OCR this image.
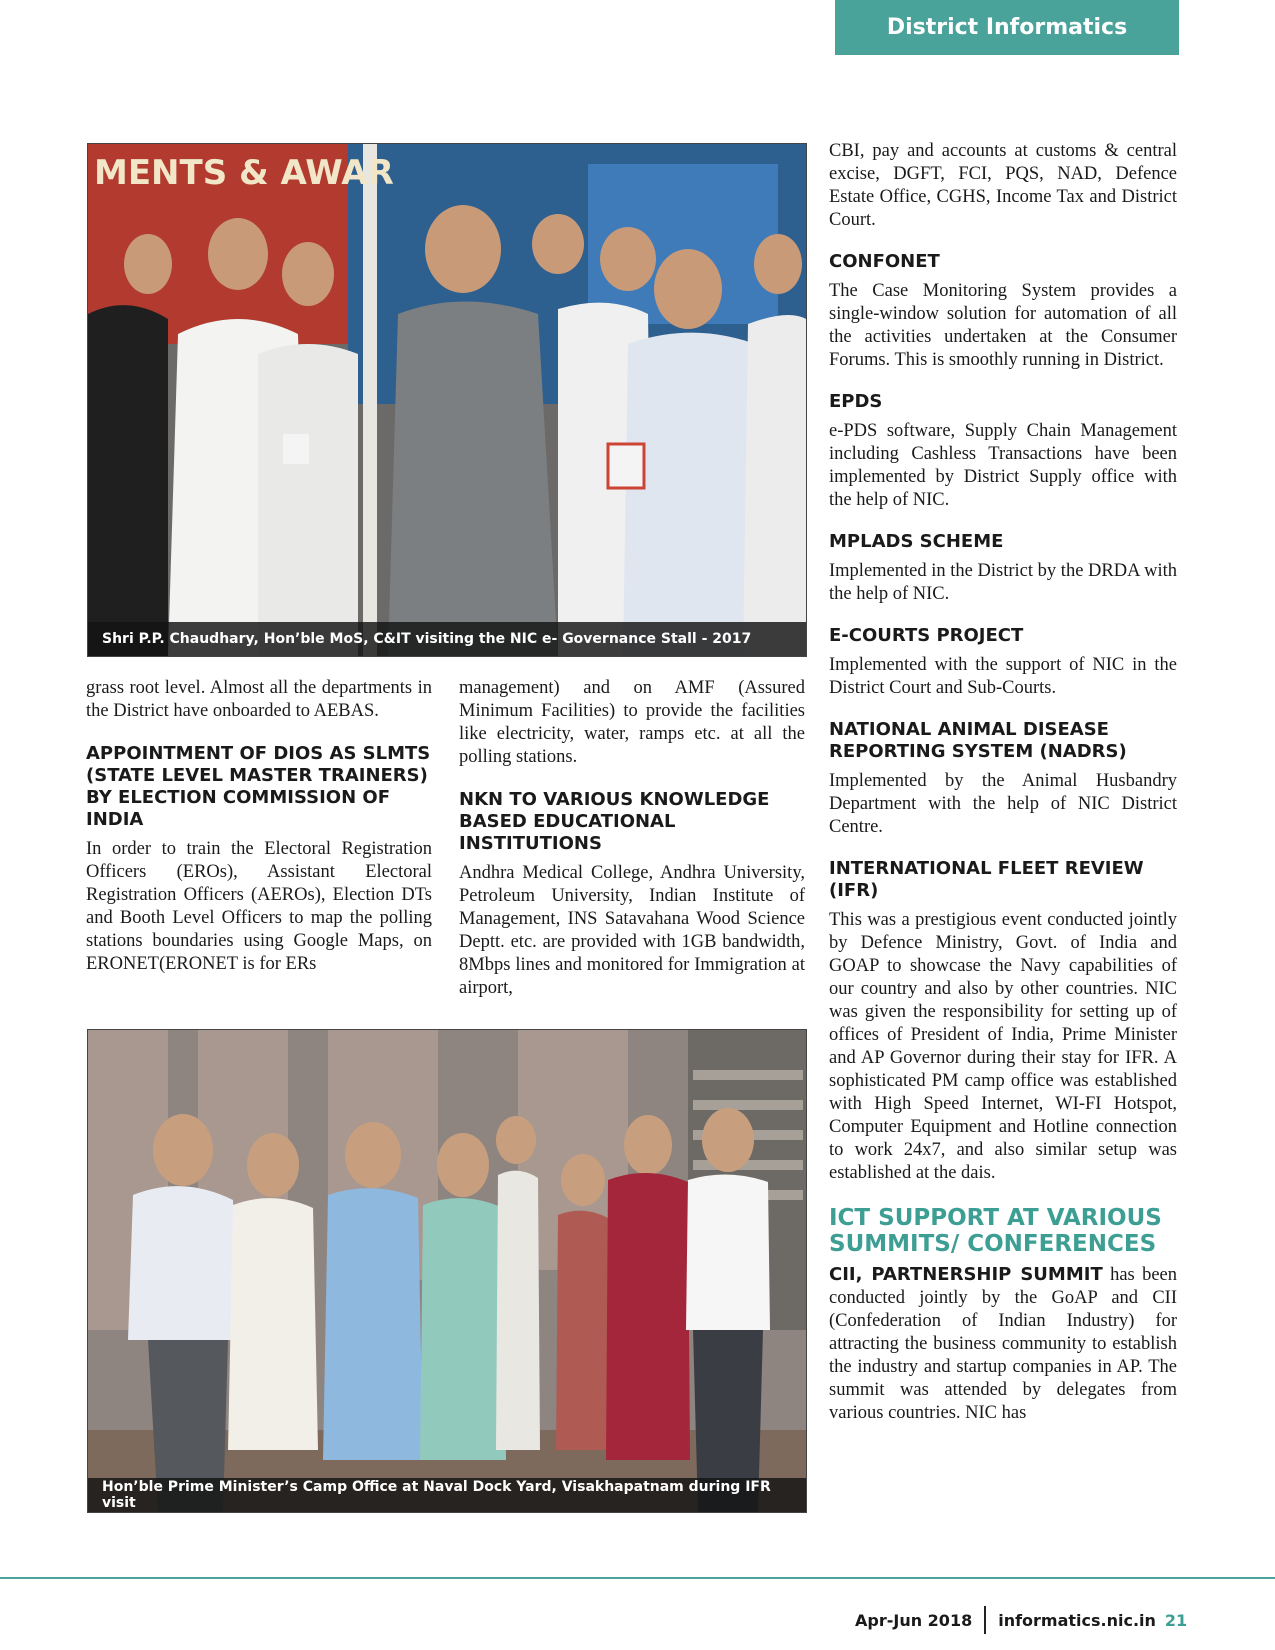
District Informatics
MENTS & AWAR
Shri P.P. Chaudhary, Hon’ble MoS, C&IT visiting the NIC e- Governance Stall - 2017

grass root level. Almost all the departments in the District have onboarded to AEBAS.

APPOINTMENT OF DIOS AS SLMTS (STATE LEVEL MASTER TRAINERS) BY ELECTION COMMISSION OF INDIA

In order to train the Electoral Registration Officers (EROs), Assistant Electoral Registration Officers (AEROs), Election DTs and Booth Level Officers to map the polling stations boundaries using Google Maps, on ERONET(ERONET is for ERs

management) and on AMF (Assured Minimum Facilities) to provide the facilities like electricity, water, ramps etc. at all the polling stations.

NKN TO VARIOUS KNOWLEDGE BASED EDUCATIONAL INSTITUTIONS

Andhra Medical College, Andhra University, Petroleum University, Indian Institute of Management, INS Satavahana Wood Science Deptt. etc. are provided with 1GB bandwidth, 8Mbps lines and monitored for Immigration at airport,

Hon’ble Prime Minister’s Camp Office at Naval Dock Yard, Visakhapatnam during IFR visit

CBI, pay and accounts at customs & central excise, DGFT, FCI, PQS, NAD, Defence Estate Office, CGHS, Income Tax and District Court.

CONFONET

The Case Monitoring System provides a single-window solution for automation of all the activities undertaken at the Consumer Forums. This is smoothly running in District.

EPDS

e-PDS software, Supply Chain Management including Cashless Transactions have been implemented by District Supply office with the help of NIC.

MPLADS SCHEME

Implemented in the District by the DRDA with the help of NIC.

E-COURTS PROJECT

Implemented with the support of NIC in the District Court and Sub-Courts.

NATIONAL ANIMAL DISEASE REPORTING SYSTEM (NADRS)

Implemented by the Animal Husbandry Department with the help of NIC District Centre.

INTERNATIONAL FLEET REVIEW (IFR)

This was a prestigious event conducted jointly by Defence Ministry, Govt. of India and GOAP to showcase the Navy capabilities of our country and also by other countries. NIC was given the responsibility for setting up of offices of President of India, Prime Minister and AP Governor during their stay for IFR. A sophisticated PM camp office was established with High Speed Internet, WI-FI Hotspot, Computer Equipment and Hotline connection to work 24x7, and also similar setup was established at the dais.

ICT SUPPORT AT VARIOUS SUMMITS/ CONFERENCES

CII, PARTNERSHIP SUMMIT has been conducted jointly by the GoAP and CII (Confederation of Indian Industry) for attracting the business community to establish the industry and startup companies in AP. The summit was attended by delegates from various countries. NIC has

Apr-Jun 2018 informatics.nic.in 21
